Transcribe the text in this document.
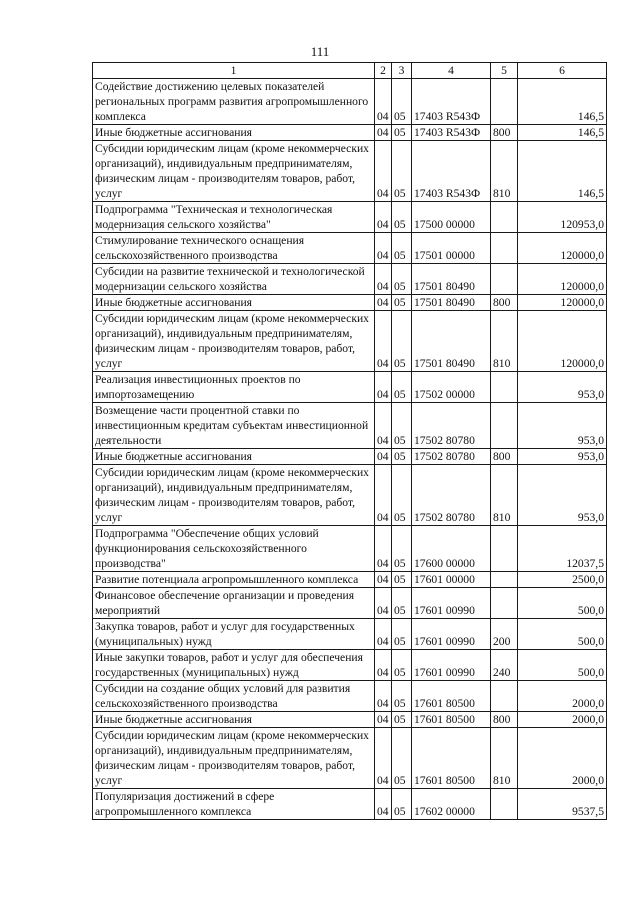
111
1	2	3	4	5	6
Содействие достижению целевых показателей региональных программ развития агропромышленного комплекса	04	05	17403 R543Ф		146,5
Иные бюджетные ассигнования	04	05	17403 R543Ф	800	146,5
Субсидии юридическим лицам (кроме некоммерческих организаций), индивидуальным предпринимателям, физическим лицам - производителям товаров, работ, услуг	04	05	17403 R543Ф	810	146,5
Подпрограмма "Техническая и технологическая модернизация сельского хозяйства"	04	05	17500 00000		120953,0
Стимулирование технического оснащения сельскохозяйственного производства	04	05	17501 00000		120000,0
Субсидии на развитие технической и технологической модернизации сельского хозяйства	04	05	17501 80490		120000,0
Иные бюджетные ассигнования	04	05	17501 80490	800	120000,0
Субсидии юридическим лицам (кроме некоммерческих организаций), индивидуальным предпринимателям, физическим лицам - производителям товаров, работ, услуг	04	05	17501 80490	810	120000,0
Реализация инвестиционных проектов по импортозамещению	04	05	17502 00000		953,0
Возмещение части процентной ставки по инвестиционным кредитам субъектам инвестиционной деятельности	04	05	17502 80780		953,0
Иные бюджетные ассигнования	04	05	17502 80780	800	953,0
Субсидии юридическим лицам (кроме некоммерческих организаций), индивидуальным предпринимателям, физическим лицам - производителям товаров, работ, услуг	04	05	17502 80780	810	953,0
Подпрограмма "Обеспечение общих условий функционирования сельскохозяйственного производства"	04	05	17600 00000		12037,5
Развитие потенциала агропромышленного комплекса	04	05	17601 00000		2500,0
Финансовое обеспечение организации и проведения мероприятий	04	05	17601 00990		500,0
Закупка товаров, работ и услуг для государственных (муниципальных) нужд	04	05	17601 00990	200	500,0
Иные закупки товаров, работ и услуг для обеспечения государственных (муниципальных) нужд	04	05	17601 00990	240	500,0
Субсидии на создание общих условий для развития сельскохозяйственного производства	04	05	17601 80500		2000,0
Иные бюджетные ассигнования	04	05	17601 80500	800	2000,0
Субсидии юридическим лицам (кроме некоммерческих организаций), индивидуальным предпринимателям, физическим лицам - производителям товаров, работ, услуг	04	05	17601 80500	810	2000,0
Популяризация достижений в сфере агропромышленного комплекса	04	05	17602 00000		9537,5
